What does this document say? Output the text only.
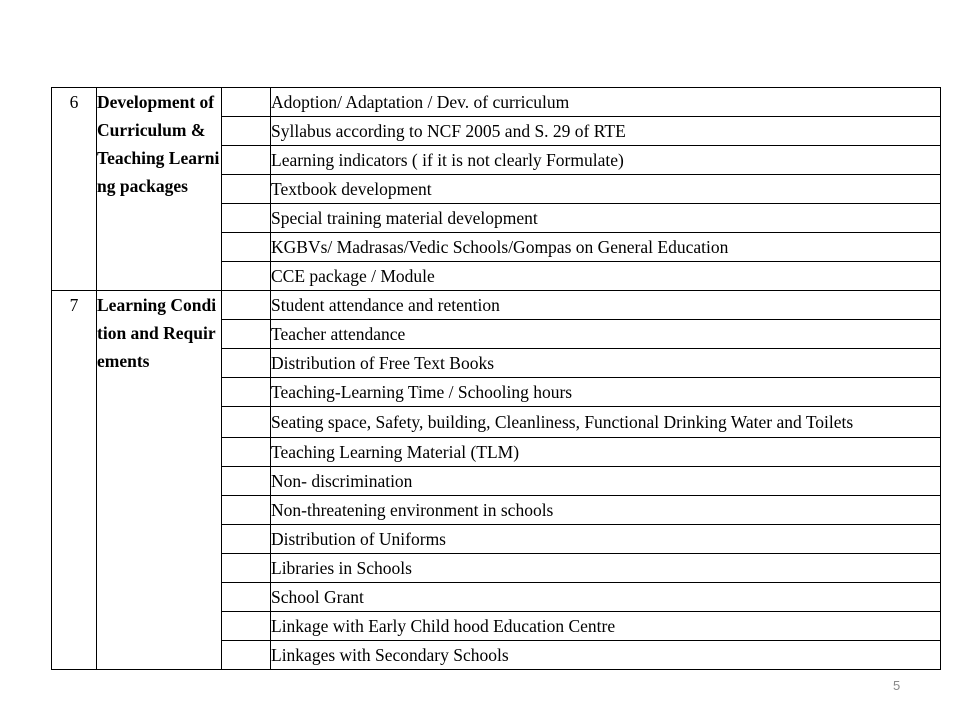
6	Development of Curriculum & Teaching Learning packages		Adoption/ Adaptation / Dev. of curriculum
			Syllabus according to NCF 2005 and S. 29 of RTE
			Learning indicators ( if it is not clearly Formulate)
			Textbook development
			Special training material development
			KGBVs/ Madrasas/Vedic Schools/Gompas on General Education
			CCE package / Module
7	Learning Condition and Requirements		Student attendance and retention
			Teacher attendance
			Distribution of Free Text Books
			Teaching-Learning Time / Schooling hours
			Seating space, Safety, building, Cleanliness, Functional Drinking Water and Toilets
			Teaching Learning Material (TLM)
			Non- discrimination
			Non-threatening environment in schools
			Distribution of Uniforms
			Libraries in Schools
			School Grant
			Linkage with Early Child hood Education Centre
			Linkages with Secondary Schools
5
